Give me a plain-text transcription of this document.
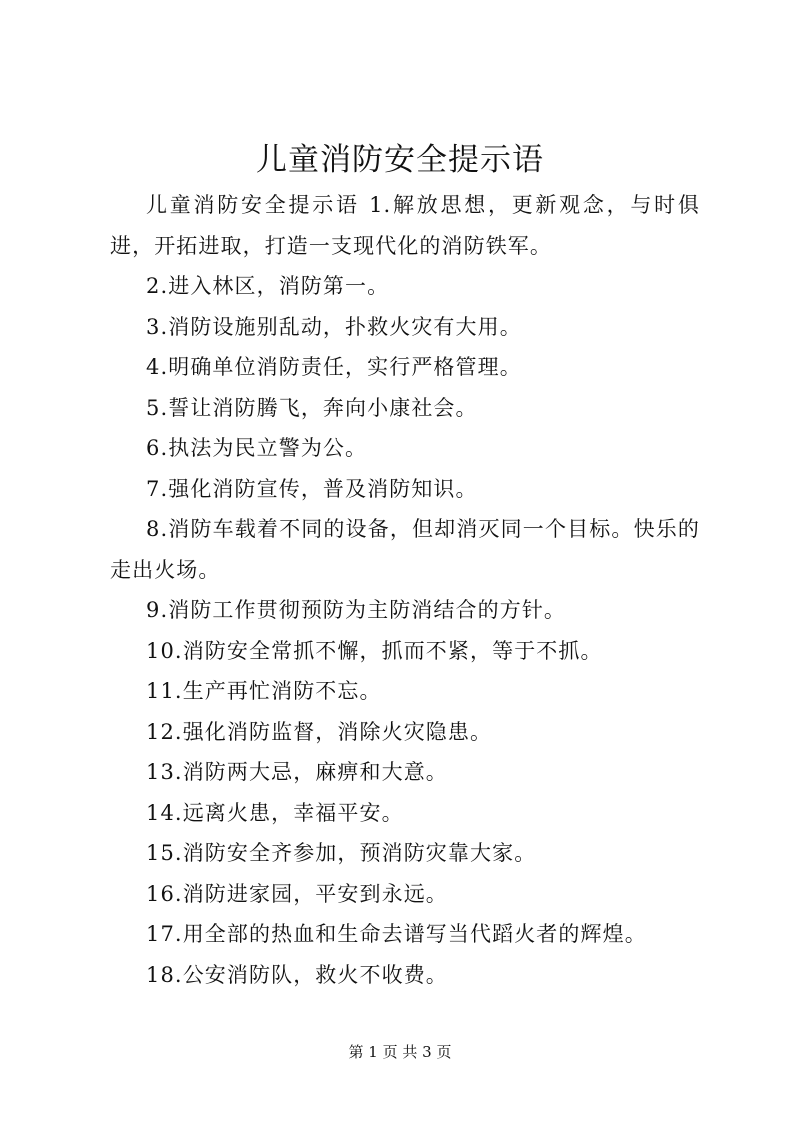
儿童消防安全提示语

儿童消防安全提示语 1.解放思想，更新观念，与时俱进，开拓进取，打造一支现代化的消防铁军。

2.进入林区，消防第一。

3.消防设施别乱动，扑救火灾有大用。

4.明确单位消防责任，实行严格管理。

5.誓让消防腾飞，奔向小康社会。

6.执法为民立警为公。

7.强化消防宣传，普及消防知识。

8.消防车载着不同的设备，但却消灭同一个目标。快乐的走出火场。

9.消防工作贯彻预防为主防消结合的方针。

10.消防安全常抓不懈，抓而不紧，等于不抓。

11.生产再忙消防不忘。

12.强化消防监督，消除火灾隐患。

13.消防两大忌，麻痹和大意。

14.远离火患，幸福平安。

15.消防安全齐参加，预消防灾靠大家。

16.消防进家园，平安到永远。

17.用全部的热血和生命去谱写当代蹈火者的辉煌。

18.公安消防队，救火不收费。

第 1 页 共 3 页
